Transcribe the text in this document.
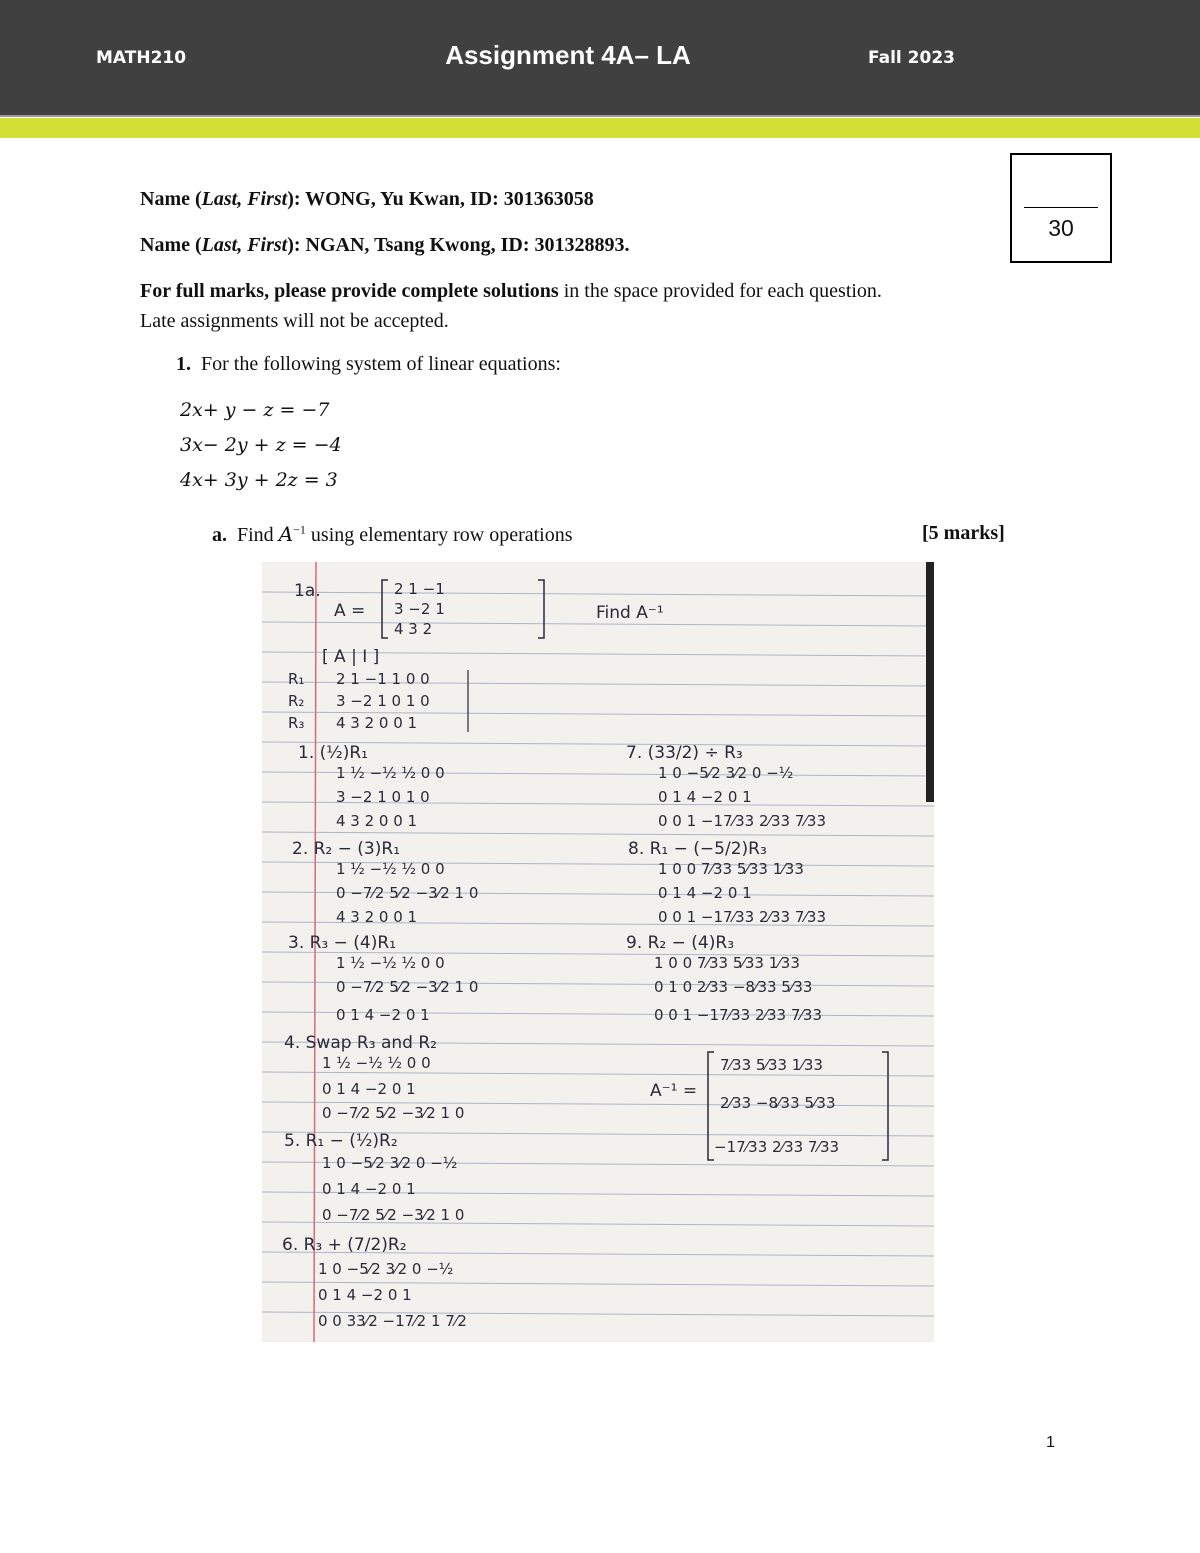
MATH210	Assignment 4A– LA	Fall 2023
30
Name (Last, First): WONG, Yu Kwan, ID: 301363058
Name (Last, First): NGAN, Tsang Kwong, ID: 301328893.
For full marks, please provide complete solutions in the space provided for each question.
Late assignments will not be accepted.
1. For the following system of linear equations:
2x+ y − z = −7
3x− 2y + z = −4
4x+ 3y + 2z = 3
a. Find $A^{-1}$ using elementary row operations	[5 marks]
1a.
A =	Find A⁻¹
2 1 −1
3 −2 1
4 3 2
[ A | I ]
R₁
R₂
R₃
2 1 −1 1 0 0
3 −2 1 0 1 0
4 3 2 0 0 1
1. (½)R₁
1 ½ −½ ½ 0 0
3 −2 1 0 1 0
4 3 2 0 0 1
2. R₂ − (3)R₁
1 ½ −½ ½ 0 0
0 −7⁄2 5⁄2 −3⁄2 1 0
4 3 2 0 0 1
3. R₃ − (4)R₁
1 ½ −½ ½ 0 0
0 −7⁄2 5⁄2 −3⁄2 1 0
0 1 4 −2 0 1
4. Swap R₃ and R₂
1 ½ −½ ½ 0 0
0 1 4 −2 0 1
0 −7⁄2 5⁄2 −3⁄2 1 0
5. R₁ − (½)R₂
1 0 −5⁄2 3⁄2 0 −½
0 1 4 −2 0 1
0 −7⁄2 5⁄2 −3⁄2 1 0
6. R₃ + (7/2)R₂
1 0 −5⁄2 3⁄2 0 −½
0 1 4 −2 0 1
0 0 33⁄2 −17⁄2 1 7⁄2
7. (33/2) ÷ R₃
1 0 −5⁄2 3⁄2 0 −½
0 1 4 −2 0 1
0 0 1 −17⁄33 2⁄33 7⁄33
8. R₁ − (−5/2)R₃
1 0 0 7⁄33 5⁄33 1⁄33
0 1 4 −2 0 1
0 0 1 −17⁄33 2⁄33 7⁄33
9. R₂ − (4)R₃
1 0 0 7⁄33 5⁄33 1⁄33
0 1 0 2⁄33 −8⁄33 5⁄33
0 0 1 −17⁄33 2⁄33 7⁄33
A⁻¹ =
7⁄33 5⁄33 1⁄33
2⁄33 −8⁄33 5⁄33
−17⁄33 2⁄33 7⁄33
1
